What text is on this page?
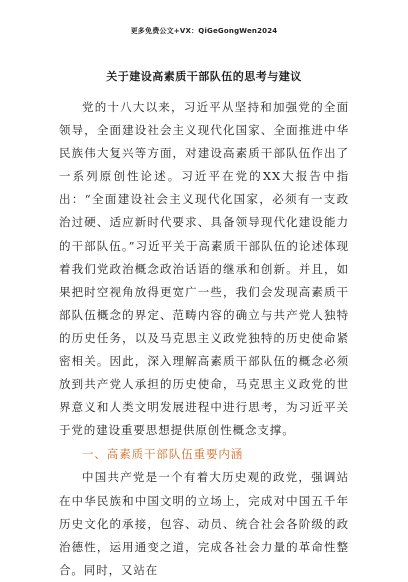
更多免费公文+VX：QiGeGongWen2024
关于建设高素质干部队伍的思考与建议

党的十八大以来，习近平从坚持和加强党的全面领导，全面建设社会主义现代化国家、全面推进中华民族伟大复兴等方面，对建设高素质干部队伍作出了一系列原创性论述。习近平在党的XX大报告中指出：“全面建设社会主义现代化国家，必须有一支政治过硬、适应新时代要求、具备领导现代化建设能力的干部队伍。”习近平关于高素质干部队伍的论述体现着我们党政治概念政治话语的继承和创新。并且，如果把时空视角放得更宽广一些，我们会发现高素质干部队伍概念的界定、范畴内容的确立与共产党人独特的历史任务，以及马克思主义政党独特的历史使命紧密相关。因此，深入理解高素质干部队伍的概念必须放到共产党人承担的历史使命，马克思主义政党的世界意义和人类文明发展进程中进行思考，为习近平关于党的建设重要思想提供原创性概念支撑。

一、高素质干部队伍重要内涵

中国共产党是一个有着大历史观的政党，强调站在中华民族和中国文明的立场上，完成对中国五千年历史文化的承接，包容、动员、统合社会各阶级的政治德性，运用通变之道，完成各社会力量的革命性整合。同时，又站在
